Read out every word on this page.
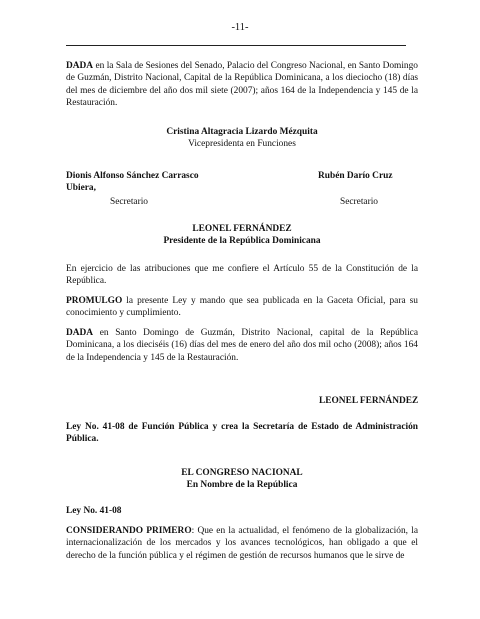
-11-

DADA en la Sala de Sesiones del Senado, Palacio del Congreso Nacional, en Santo Domingo de Guzmán, Distrito Nacional, Capital de la República Dominicana, a los dieciocho (18) días del mes de diciembre del año dos mil siete (2007); años 164 de la Independencia y 145 de la Restauración.

Cristina Altagracia Lizardo Mézquita
Vicepresidenta en Funciones
Dionis Alfonso Sánchez Carrasco
Ubiera,
Secretario
Rubén Darío Cruz
Secretario
LEONEL FERNÁNDEZ
Presidente de la República Dominicana

En ejercicio de las atribuciones que me confiere el Artículo 55 de la Constitución de la República.

PROMULGO la presente Ley y mando que sea publicada en la Gaceta Oficial, para su conocimiento y cumplimiento.

DADA en Santo Domingo de Guzmán, Distrito Nacional, capital de la República Dominicana, a los dieciséis (16) días del mes de enero del año dos mil ocho (2008); años 164 de la Independencia y 145 de la Restauración.

LEONEL FERNÁNDEZ

Ley No. 41-08 de Función Pública y crea la Secretaría de Estado de Administración Pública.

EL CONGRESO NACIONAL
En Nombre de la República
Ley No. 41-08

CONSIDERANDO PRIMERO: Que en la actualidad, el fenómeno de la globalización, la internacionalización de los mercados y los avances tecnológicos, han obligado a que el derecho de la función pública y el régimen de gestión de recursos humanos que le sirve de
